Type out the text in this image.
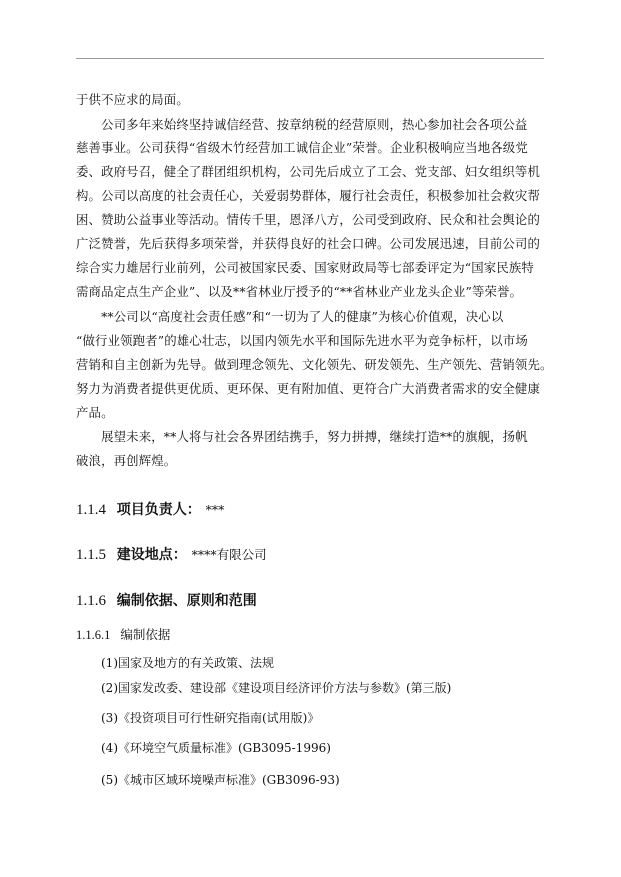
于供不应求的局面。
　　公司多年来始终坚持诚信经营、按章纳税的经营原则，热心参加社会各项公益
慈善事业。公司获得“省级木竹经营加工诚信企业”荣誉。企业积极响应当地各级党
委、政府号召，健全了群团组织机构，公司先后成立了工会、党支部、妇女组织等机
构。公司以高度的社会责任心，关爱弱势群体，履行社会责任，积极参加社会救灾帮
困、赞助公益事业等活动。情传千里，恩泽八方，公司受到政府、民众和社会舆论的
广泛赞誉，先后获得多项荣誉，并获得良好的社会口碑。公司发展迅速，目前公司的
综合实力雄居行业前列，公司被国家民委、国家财政局等七部委评定为“国家民族特
需商品定点生产企业”、以及**省林业厅授予的“**省林业产业龙头企业”等荣誉。
　　**公司以“高度社会责任感”和“一切为了人的健康”为核心价值观，决心以
“做行业领跑者”的雄心壮志，以国内领先水平和国际先进水平为竞争标杆，以市场
营销和自主创新为先导。做到理念领先、文化领先、研发领先、生产领先、营销领先。
努力为消费者提供更优质、更环保、更有附加值、更符合广大消费者需求的安全健康
产品。
　　展望未来，**人将与社会各界团结携手，努力拼搏，继续打造**的旗舰，扬帆
破浪，再创辉煌。
1.1.4 项目负责人： ***
1.1.5 建设地点： ****有限公司
1.1.6 编制依据、原则和范围
1.1.6.1 编制依据
(1)国家及地方的有关政策、法规
(2)国家发改委、建设部《建设项目经济评价方法与参数》(第三版)
(3)《投资项目可行性研究指南(试用版)》
(4)《环境空气质量标准》(GB3095-1996)
(5)《城市区域环境噪声标准》(GB3096-93)
